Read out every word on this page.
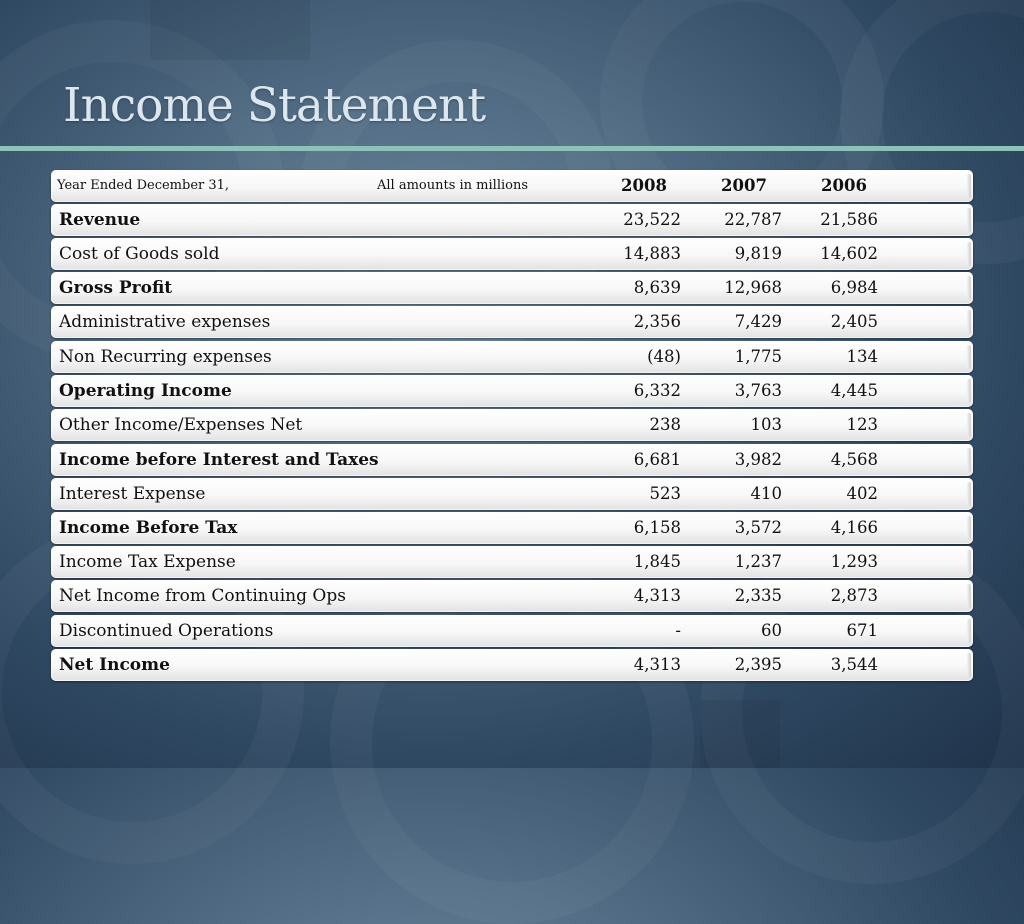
Income Statement
Year Ended December 31,	All amounts in millions	2008	2007	2006
Revenue	23,522	22,787 21,586
Cost of Goods sold	14,883	9,819 14,602
Gross Profit	8,639	12,968	6,984
Administrative expenses	2,356	7,429	2,405
Non Recurring expenses	(48)	1,775	134
Operating Income	6,332	3,763	4,445
Other Income/Expenses Net	238	103	123
Income before Interest and Taxes	6,681	3,982	4,568
Interest Expense	523	410	402
Income Before Tax	6,158	3,572	4,166
Income Tax Expense	1,845	1,237	1,293
Net Income from Continuing Ops	4,313	2,335	2,873
Discontinued Operations	-	60	671
Net Income	4,313	2,395	3,544
